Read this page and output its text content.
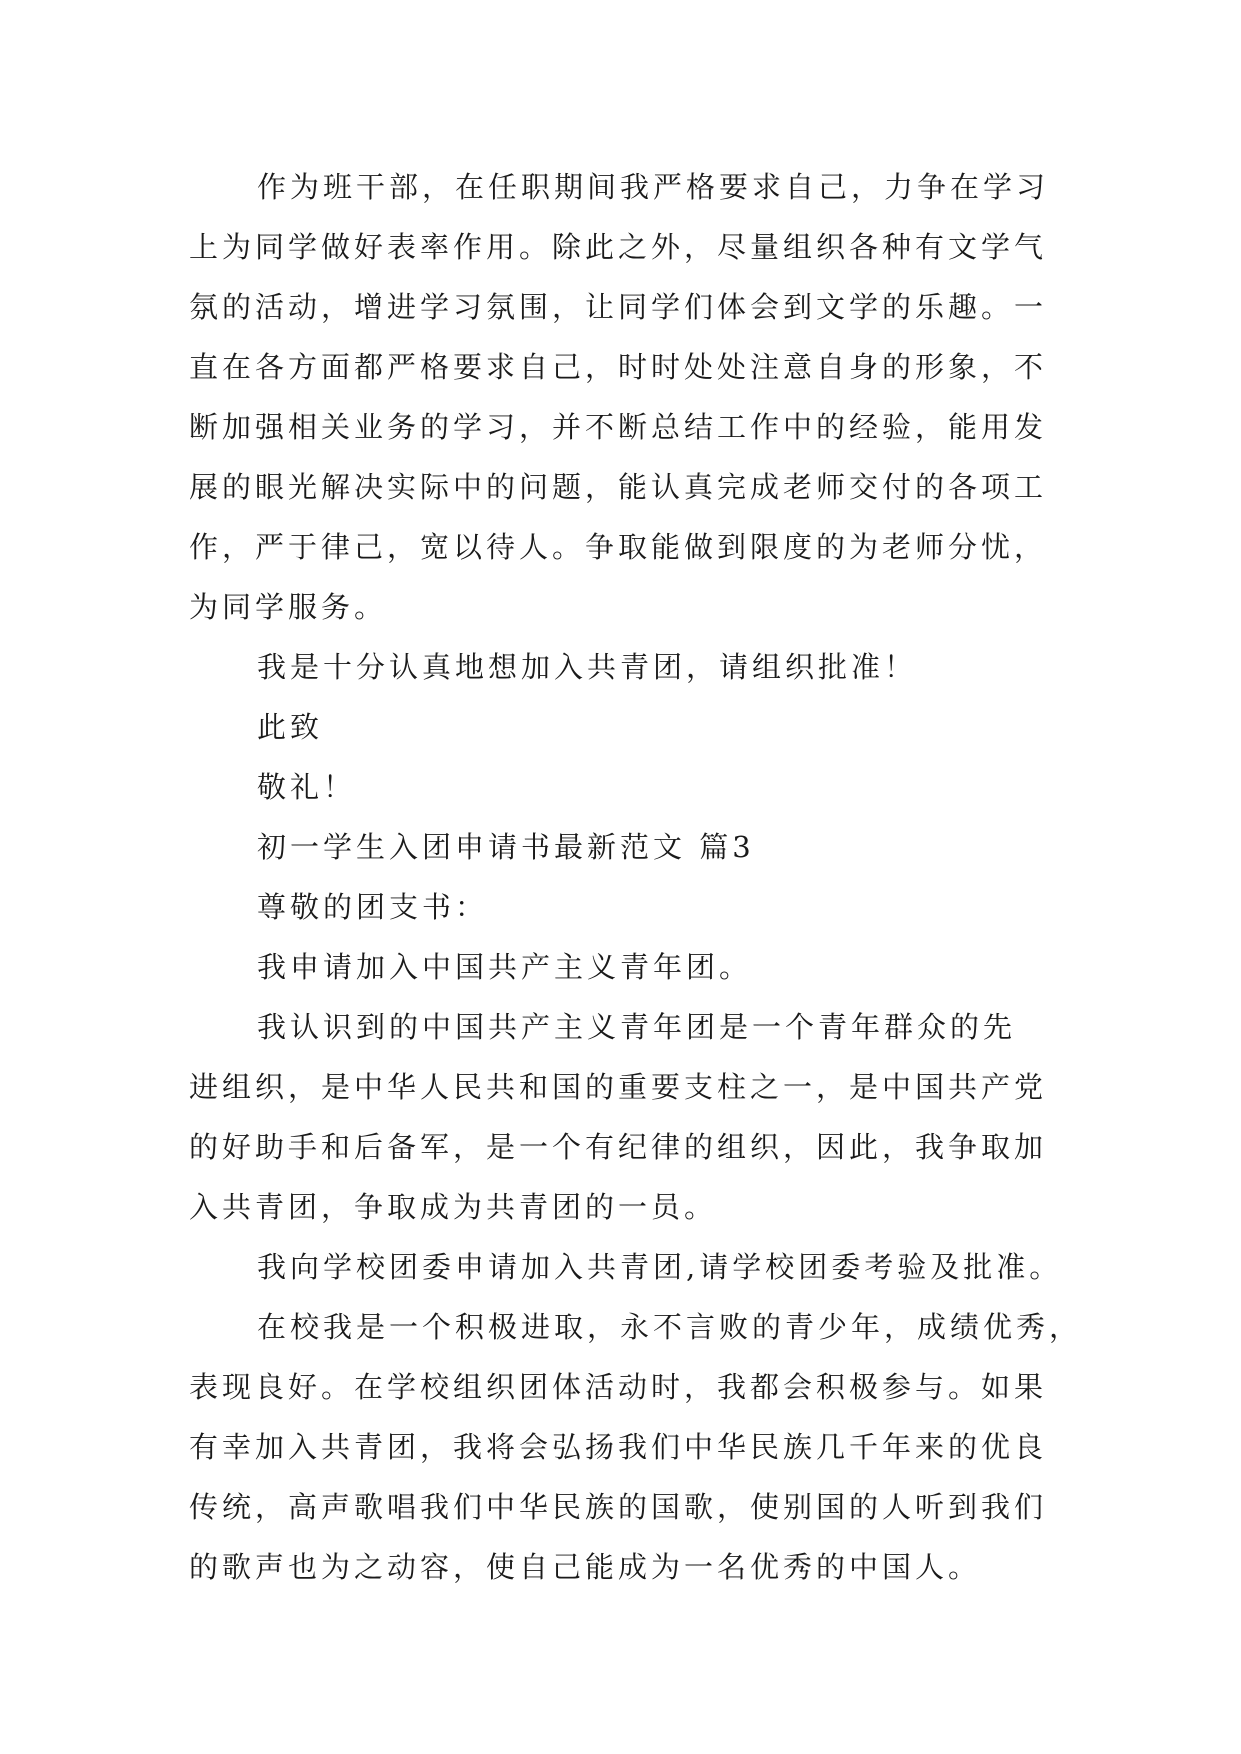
作为班干部，在任职期间我严格要求自己，力争在学习
上为同学做好表率作用。除此之外，尽量组织各种有文学气
氛的活动，增进学习氛围，让同学们体会到文学的乐趣。一
直在各方面都严格要求自己，时时处处注意自身的形象，不
断加强相关业务的学习，并不断总结工作中的经验，能用发
展的眼光解决实际中的问题，能认真完成老师交付的各项工
作，严于律己，宽以待人。争取能做到限度的为老师分忧，
为同学服务。
我是十分认真地想加入共青团，请组织批准！
此致
敬礼！
初一学生入团申请书最新范文 篇3
尊敬的团支书：
我申请加入中国共产主义青年团。
我认识到的中国共产主义青年团是一个青年群众的先
进组织，是中华人民共和国的重要支柱之一，是中国共产党
的好助手和后备军，是一个有纪律的组织，因此，我争取加
入共青团，争取成为共青团的一员。
我向学校团委申请加入共青团,请学校团委考验及批准。
在校我是一个积极进取，永不言败的青少年，成绩优秀，
表现良好。在学校组织团体活动时，我都会积极参与。如果
有幸加入共青团，我将会弘扬我们中华民族几千年来的优良
传统，高声歌唱我们中华民族的国歌，使别国的人听到我们
的歌声也为之动容，使自己能成为一名优秀的中国人。
